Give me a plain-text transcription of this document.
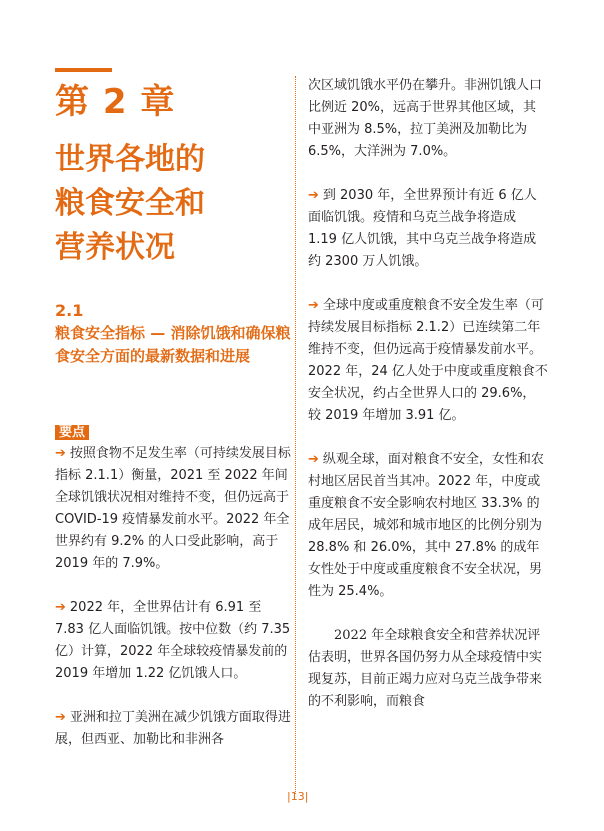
第 2 章
世界各地的
粮食安全和
营养状况
2.1
粮食安全指标 — 消除饥饿和确保粮食安全方面的最新数据和进展
要点

➔ 按照食物不足发生率（可持续发展目标指标 2.1.1）衡量，2021 至 2022 年间全球饥饿状况相对维持不变，但仍远高于 COVID-19 疫情暴发前水平。2022 年全世界约有 9.2% 的人口受此影响，高于 2019 年的 7.9%。

➔ 2022 年，全世界估计有 6.91 至 7.83 亿人面临饥饿。按中位数（约 7.35 亿）计算，2022 年全球较疫情暴发前的 2019 年增加 1.22 亿饥饿人口。

➔ 亚洲和拉丁美洲在减少饥饿方面取得进展，但西亚、加勒比和非洲各

次区域饥饿水平仍在攀升。非洲饥饿人口比例近 20%，远高于世界其他区域，其中亚洲为 8.5%，拉丁美洲及加勒比为 6.5%，大洋洲为 7.0%。

➔ 到 2030 年，全世界预计有近 6 亿人面临饥饿。疫情和乌克兰战争将造成 1.19 亿人饥饿，其中乌克兰战争将造成约 2300 万人饥饿。

➔ 全球中度或重度粮食不安全发生率（可持续发展目标指标 2.1.2）已连续第二年维持不变，但仍远高于疫情暴发前水平。2022 年，24 亿人处于中度或重度粮食不安全状况，约占全世界人口的 29.6%，较 2019 年增加 3.91 亿。

➔ 纵观全球，面对粮食不安全，女性和农村地区居民首当其冲。2022 年，中度或重度粮食不安全影响农村地区 33.3% 的成年居民，城郊和城市地区的比例分别为 28.8% 和 26.0%，其中 27.8% 的成年女性处于中度或重度粮食不安全状况，男性为 25.4%。

2022 年全球粮食安全和营养状况评估表明，世界各国仍努力从全球疫情中实现复苏，目前正竭力应对乌克兰战争带来的不利影响，而粮食

|13|
